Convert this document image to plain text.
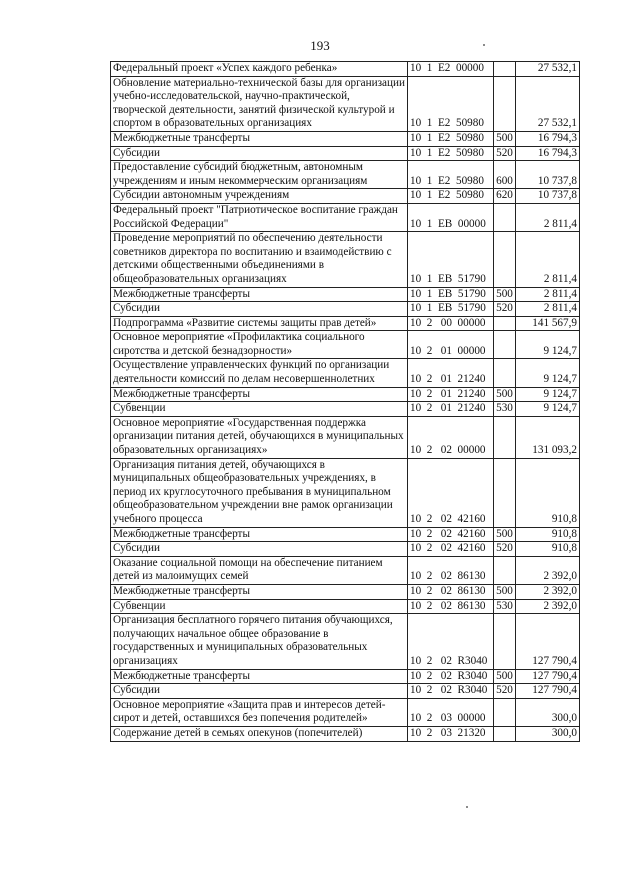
193
Федеральный проект «Успех каждого ребенка»	10  1  E2  00000		27 532,1
Обновление материально-технической базы для организации учебно-исследовательской, научно-практической, творческой деятельности, занятий физической культурой и спортом в образовательных организациях	10  1  E2  50980		27 532,1
Межбюджетные трансферты	10  1  E2  50980	500	16 794,3
Субсидии	10  1  E2  50980	520	16 794,3
Предоставление субсидий бюджетным, автономным учреждениям и иным некоммерческим организациям	10  1  E2  50980	600	10 737,8
Субсидии автономным учреждениям	10  1  E2  50980	620	10 737,8
Федеральный проект "Патриотическое воспитание граждан Российской Федерации"	10  1  EB  00000		2 811,4
Проведение мероприятий по обеспечению деятельности советников директора по воспитанию и взаимодействию с детскими общественными объединениями в общеобразовательных организациях	10  1  EB  51790		2 811,4
Межбюджетные трансферты	10  1  EB  51790	500	2 811,4
Субсидии	10  1  EB  51790	520	2 811,4
Подпрограмма «Развитие системы защиты прав детей»	10  2   00  00000		141 567,9
Основное мероприятие «Профилактика социального сиротства и детской безнадзорности»	10  2   01  00000		9 124,7
Осуществление управленческих функций по организации деятельности комиссий по делам несовершеннолетних	10  2   01  21240		9 124,7
Межбюджетные трансферты	10  2   01  21240	500	9 124,7
Субвенции	10  2   01  21240	530	9 124,7
Основное мероприятие «Государственная поддержка организации питания детей, обучающихся в муниципальных образовательных организациях»	10  2   02  00000		131 093,2
Организация питания детей, обучающихся в муниципальных общеобразовательных учреждениях, в период их круглосуточного пребывания в муниципальном общеобразовательном учреждении вне рамок организации учебного процесса	10  2   02  42160		910,8
Межбюджетные трансферты	10  2   02  42160	500	910,8
Субсидии	10  2   02  42160	520	910,8
Оказание социальной помощи на обеспечение питанием детей из малоимущих семей	10  2   02  86130		2 392,0
Межбюджетные трансферты	10  2   02  86130	500	2 392,0
Субвенции	10  2   02  86130	530	2 392,0
Организация бесплатного горячего питания обучающихся, получающих начальное общее образование в государственных и муниципальных образовательных организациях	10  2   02  R3040		127 790,4
Межбюджетные трансферты	10  2   02  R3040	500	127 790,4
Субсидии	10  2   02  R3040	520	127 790,4
Основное мероприятие «Защита прав и интересов детей-сирот и детей, оставшихся без попечения родителей»	10  2   03  00000		300,0
Содержание детей в семьях опекунов (попечителей)	10  2   03  21320		300,0
